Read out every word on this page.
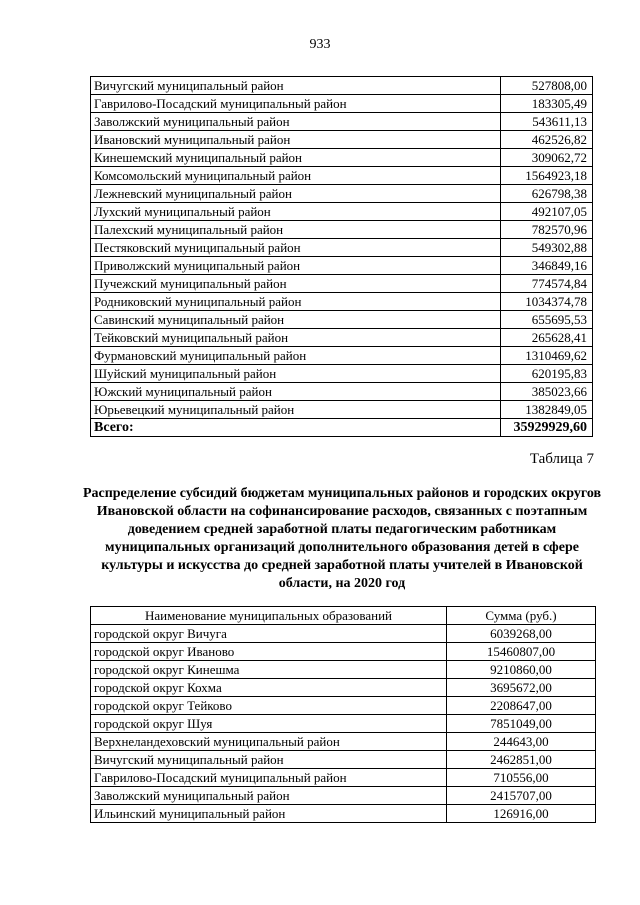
933
Вичугский муниципальный район	527808,00
Гаврилово-Посадский муниципальный район	183305,49
Заволжский муниципальный район	543611,13
Ивановский муниципальный район	462526,82
Кинешемский муниципальный район	309062,72
Комсомольский муниципальный район	1564923,18
Лежневский муниципальный район	626798,38
Лухский муниципальный район	492107,05
Палехский муниципальный район	782570,96
Пестяковский муниципальный район	549302,88
Приволжский муниципальный район	346849,16
Пучежский муниципальный район	774574,84
Родниковский муниципальный район	1034374,78
Савинский муниципальный район	655695,53
Тейковский муниципальный район	265628,41
Фурмановский муниципальный район	1310469,62
Шуйский муниципальный район	620195,83
Южский муниципальный район	385023,66
Юрьевецкий муниципальный район	1382849,05
Всего:	35929929,60
Таблица 7
Распределение субсидий бюджетам муниципальных районов и городских округов Ивановской области на софинансирование расходов, связанных с поэтапным доведением средней заработной платы педагогическим работникам муниципальных организаций дополнительного образования детей в сфере культуры и искусства до средней заработной платы учителей в Ивановской области, на 2020 год
Наименование муниципальных образований	Сумма (руб.)
городской округ Вичуга	6039268,00
городской округ Иваново	15460807,00
городской округ Кинешма	9210860,00
городской округ Кохма	3695672,00
городской округ Тейково	2208647,00
городской округ Шуя	7851049,00
Верхнеландеховский муниципальный район	244643,00
Вичугский муниципальный район	2462851,00
Гаврилово-Посадский муниципальный район	710556,00
Заволжский муниципальный район	2415707,00
Ильинский муниципальный район	126916,00
